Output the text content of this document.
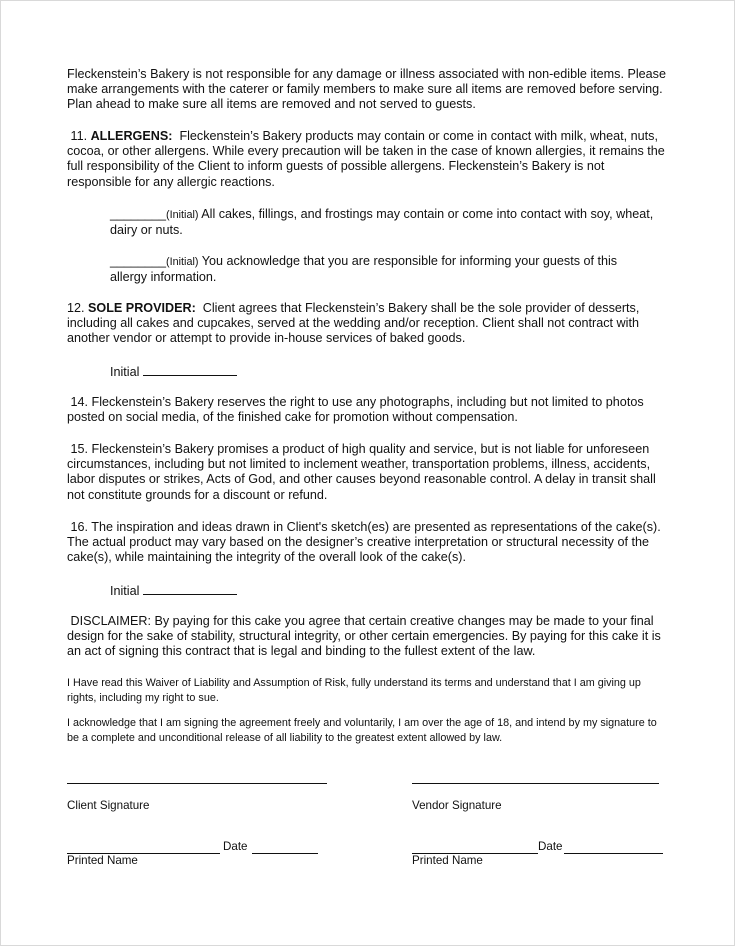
Fleckenstein’s Bakery is not responsible for any damage or illness associated with non-edible items. Please make arrangements with the caterer or family members to make sure all items are removed before serving. Plan ahead to make sure all items are removed and not served to guests.

11. ALLERGENS: Fleckenstein’s Bakery products may contain or come in contact with milk, wheat, nuts, cocoa, or other allergens. While every precaution will be taken in the case of known allergies, it remains the full responsibility of the Client to inform guests of possible allergens. Fleckenstein’s Bakery is not responsible for any allergic reactions.

________(Initial) All cakes, fillings, and frostings may contain or come into contact with soy, wheat, dairy or nuts.

________(Initial) You acknowledge that you are responsible for informing your guests of this allergy information.

12. SOLE PROVIDER: Client agrees that Fleckenstein’s Bakery shall be the sole provider of desserts, including all cakes and cupcakes, served at the wedding and/or reception. Client shall not contract with another vendor or attempt to provide in-house services of baked goods.

Initial

14. Fleckenstein’s Bakery reserves the right to use any photographs, including but not limited to photos posted on social media, of the finished cake for promotion without compensation.

15. Fleckenstein’s Bakery promises a product of high quality and service, but is not liable for unforeseen circumstances, including but not limited to inclement weather, transportation problems, illness, accidents, labor disputes or strikes, Acts of God, and other causes beyond reasonable control. A delay in transit shall not constitute grounds for a discount or refund.

16. The inspiration and ideas drawn in Client's sketch(es) are presented as representations of the cake(s). The actual product may vary based on the designer’s creative interpretation or structural necessity of the cake(s), while maintaining the integrity of the overall look of the cake(s).

Initial

DISCLAIMER: By paying for this cake you agree that certain creative changes may be made to your final design for the sake of stability, structural integrity, or other certain emergencies. By paying for this cake it is an act of signing this contract that is legal and binding to the fullest extent of the law.

I Have read this Waiver of Liability and Assumption of Risk, fully understand its terms and understand that I am giving up rights, including my right to sue.

I acknowledge that I am signing the agreement freely and voluntarily, I am over the age of 18, and intend by my signature to be a complete and unconditional release of all liability to the greatest extent allowed by law.

Client Signature	Vendor Signature
Date	Date
Printed Name	Printed Name
